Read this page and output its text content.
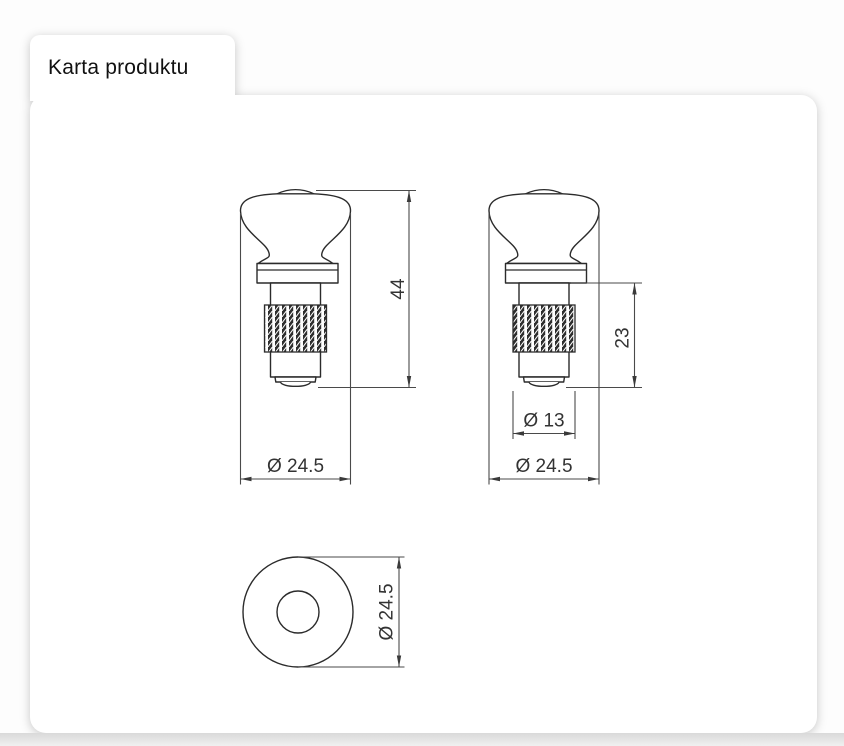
Karta produktu
44
Ø 24.5
23
Ø 13
Ø 24.5
Ø 24.5
